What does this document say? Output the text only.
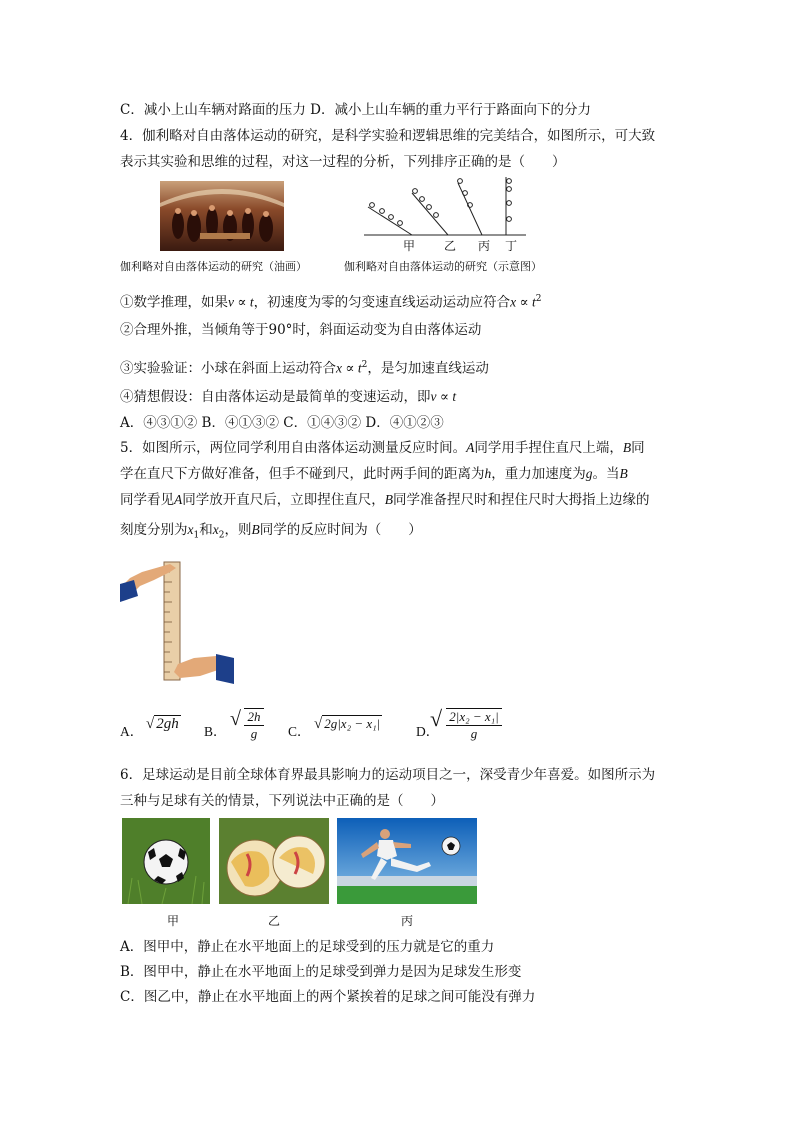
C．减小上山车辆对路面的压力 D．减小上山车辆的重力平行于路面向下的分力
4．伽利略对自由落体运动的研究，是科学实验和逻辑思维的完美结合，如图所示，可大致
表示其实验和思维的过程，对这一过程的分析，下列排序正确的是（　　）
甲 乙 丙 丁
伽利略对自由落体运动的研究（油画）	伽利略对自由落体运动的研究（示意图）
①数学推理，如果v ∝ t，初速度为零的匀变速直线运动运动应符合$x \propto t^2$
②合理外推，当倾角等于90°时，斜面运动变为自由落体运动
③实验验证：小球在斜面上运动符合$x \propto t^2$，是匀加速直线运动
④猜想假设：自由落体运动是最简单的变速运动，即v ∝ t
A．④③①② B．④①③② C．①④③② D．④①②③
5．如图所示，两位同学利用自由落体运动测量反应时间。A同学用手捏住直尺上端，B同
学在直尺下方做好准备，但手不碰到尺，此时两手间的距离为h，重力加速度为g。当B
同学看见A同学放开直尺后，立即捏住直尺，B同学准备捏尺时和捏住尺时大拇指上边缘的
刻度分别为$x_1$和$x_2$，则B同学的反应时间为（　　）
A． √ 2gh B．
√ 2h
g	C． √ 2g|x₂ − x₁|
D．
√ 2|x₂ − x₁|
g
6．足球运动是目前全球体育界最具影响力的运动项目之一，深受青少年喜爱。如图所示为
三种与足球有关的情景，下列说法中正确的是（　　）
甲	乙	丙
A．图甲中，静止在水平地面上的足球受到的压力就是它的重力
B．图甲中，静止在水平地面上的足球受到弹力是因为足球发生形变
C．图乙中，静止在水平地面上的两个紧挨着的足球之间可能没有弹力
